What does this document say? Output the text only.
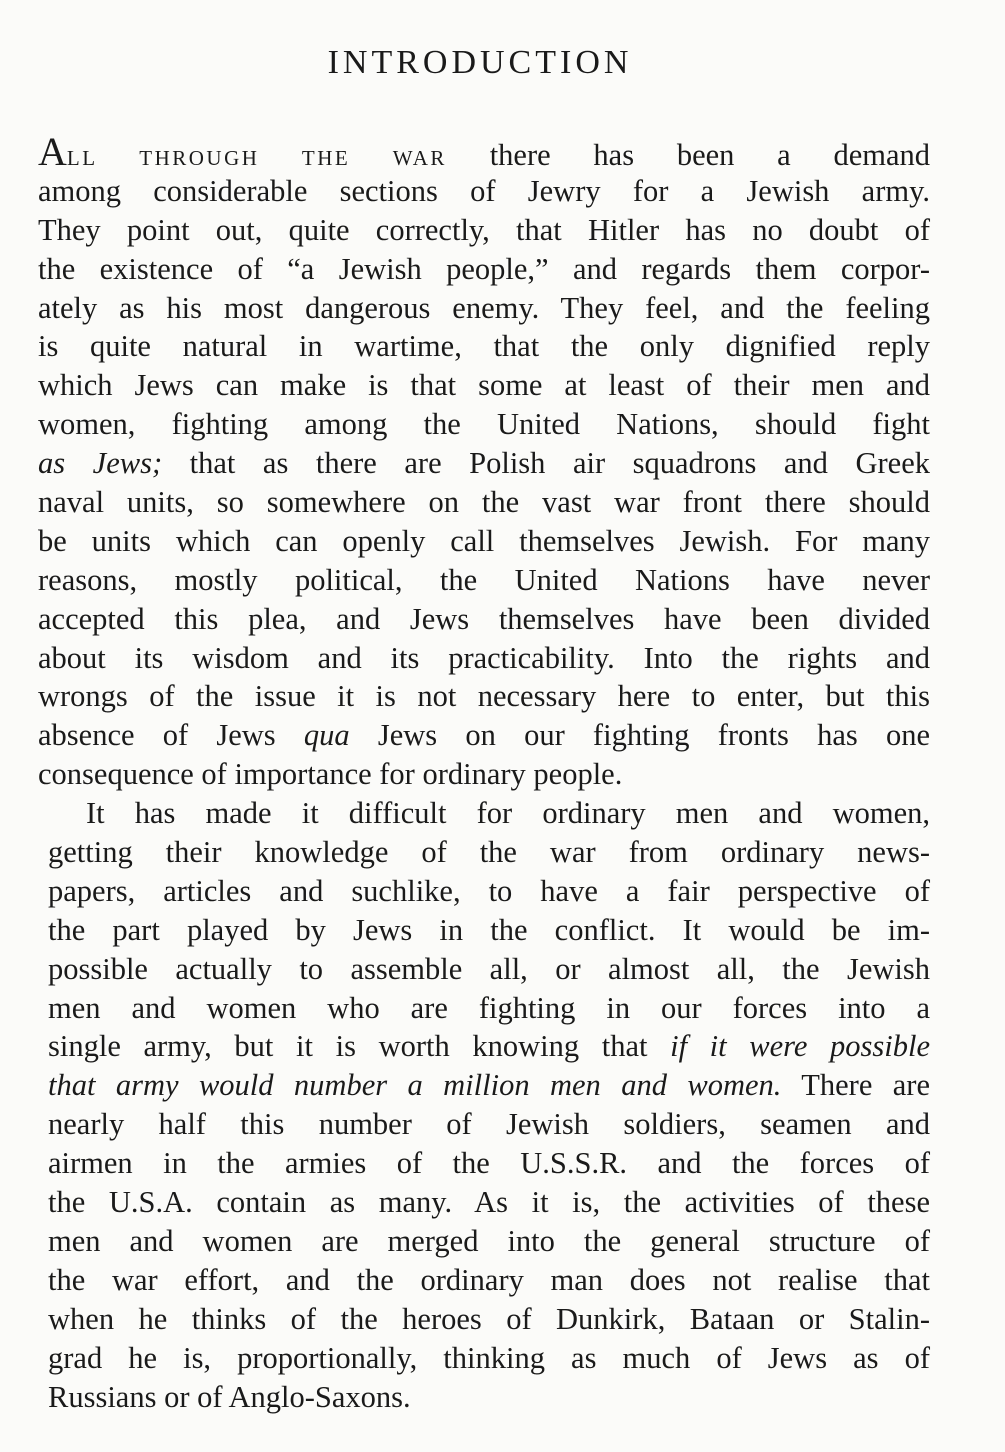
INTRODUCTION
ALL THROUGH THE WAR there has been a demand
among considerable sections of Jewry for a Jewish army.
They point out, quite correctly, that Hitler has no doubt of
the existence of “a Jewish people,” and regards them corpor-
ately as his most dangerous enemy. They feel, and the feeling
is quite natural in wartime, that the only dignified reply
which Jews can make is that some at least of their men and
women, fighting among the United Nations, should fight
as Jews; that as there are Polish air squadrons and Greek
naval units, so somewhere on the vast war front there should
be units which can openly call themselves Jewish. For many
reasons, mostly political, the United Nations have never
accepted this plea, and Jews themselves have been divided
about its wisdom and its practicability. Into the rights and
wrongs of the issue it is not necessary here to enter, but this
absence of Jews qua Jews on our fighting fronts has one
consequence of importance for ordinary people.
It has made it difficult for ordinary men and women,
getting their knowledge of the war from ordinary news-
papers, articles and suchlike, to have a fair perspective of
the part played by Jews in the conflict. It would be im-
possible actually to assemble all, or almost all, the Jewish
men and women who are fighting in our forces into a
single army, but it is worth knowing that if it were possible
that army would number a million men and women. There are
nearly half this number of Jewish soldiers, seamen and
airmen in the armies of the U.S.S.R. and the forces of
the U.S.A. contain as many. As it is, the activities of these
men and women are merged into the general structure of
the war effort, and the ordinary man does not realise that
when he thinks of the heroes of Dunkirk, Bataan or Stalin-
grad he is, proportionally, thinking as much of Jews as of
Russians or of Anglo-Saxons.
